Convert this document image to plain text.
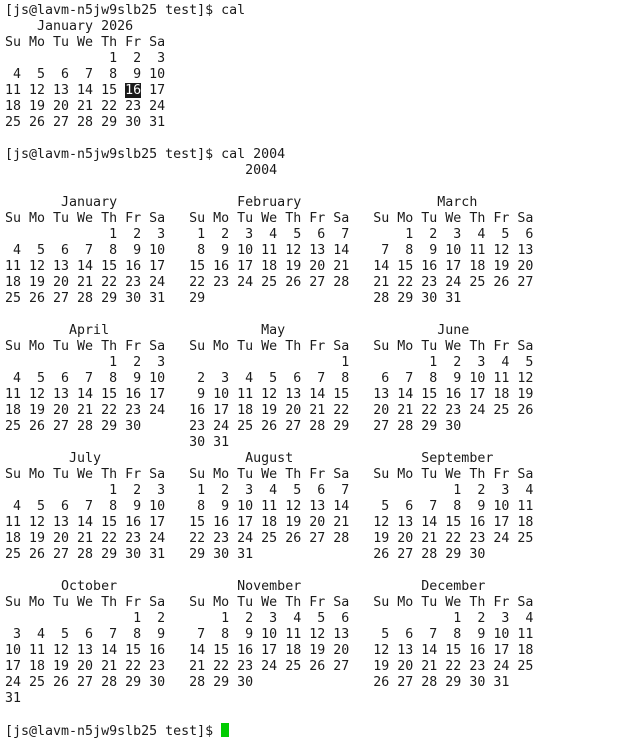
[js@lavm-n5jw9slb25 test]$ cal
January 2026
Su Mo Tu We Th Fr Sa
1  2  3
4  5  6  7  8  9 10
11 12 13 14 15 16 17
18 19 20 21 22 23 24
25 26 27 28 29 30 31
[js@lavm-n5jw9slb25 test]$ cal 2004
2004
January               February                 March
Su Mo Tu We Th Fr Sa   Su Mo Tu We Th Fr Sa   Su Mo Tu We Th Fr Sa
1  2  3    1  2  3  4  5  6  7       1  2  3  4  5  6
4  5  6  7  8  9 10    8  9 10 11 12 13 14    7  8  9 10 11 12 13
11 12 13 14 15 16 17   15 16 17 18 19 20 21   14 15 16 17 18 19 20
18 19 20 21 22 23 24   22 23 24 25 26 27 28   21 22 23 24 25 26 27
25 26 27 28 29 30 31   29                     28 29 30 31
April                   May                   June
Su Mo Tu We Th Fr Sa   Su Mo Tu We Th Fr Sa   Su Mo Tu We Th Fr Sa
1  2  3                      1          1  2  3  4  5
4  5  6  7  8  9 10    2  3  4  5  6  7  8    6  7  8  9 10 11 12
11 12 13 14 15 16 17    9 10 11 12 13 14 15   13 14 15 16 17 18 19
18 19 20 21 22 23 24   16 17 18 19 20 21 22   20 21 22 23 24 25 26
25 26 27 28 29 30      23 24 25 26 27 28 29   27 28 29 30
30 31
July                  August                September
Su Mo Tu We Th Fr Sa   Su Mo Tu We Th Fr Sa   Su Mo Tu We Th Fr Sa
1  2  3    1  2  3  4  5  6  7             1  2  3  4
4  5  6  7  8  9 10    8  9 10 11 12 13 14    5  6  7  8  9 10 11
11 12 13 14 15 16 17   15 16 17 18 19 20 21   12 13 14 15 16 17 18
18 19 20 21 22 23 24   22 23 24 25 26 27 28   19 20 21 22 23 24 25
25 26 27 28 29 30 31   29 30 31               26 27 28 29 30
October               November               December
Su Mo Tu We Th Fr Sa   Su Mo Tu We Th Fr Sa   Su Mo Tu We Th Fr Sa
1  2       1  2  3  4  5  6             1  2  3  4
3  4  5  6  7  8  9    7  8  9 10 11 12 13    5  6  7  8  9 10 11
10 11 12 13 14 15 16   14 15 16 17 18 19 20   12 13 14 15 16 17 18
17 18 19 20 21 22 23   21 22 23 24 25 26 27   19 20 21 22 23 24 25
24 25 26 27 28 29 30   28 29 30               26 27 28 29 30 31
31
[js@lavm-n5jw9slb25 test]$
